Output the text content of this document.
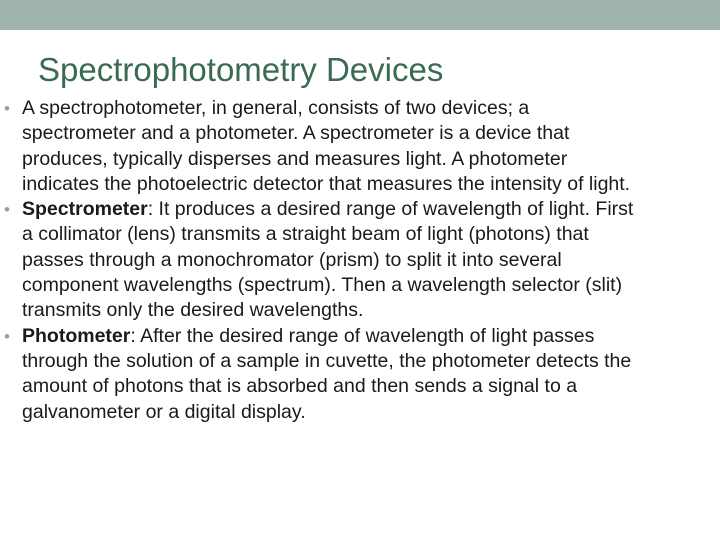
Spectrophotometry Devices
• A spectrophotometer, in general, consists of two devices; a spectrometer and a photometer. A spectrometer is a device that produces, typically disperses and measures light. A photometer indicates the photoelectric detector that measures the intensity of light.
• Spectrometer: It produces a desired range of wavelength of light. First a collimator (lens) transmits a straight beam of light (photons) that passes through a monochromator (prism) to split it into several component wavelengths (spectrum). Then a wavelength selector (slit) transmits only the desired wavelengths.
• Photometer: After the desired range of wavelength of light passes through the solution of a sample in cuvette, the photometer detects the amount of photons that is absorbed and then sends a signal to a galvanometer or a digital display.
